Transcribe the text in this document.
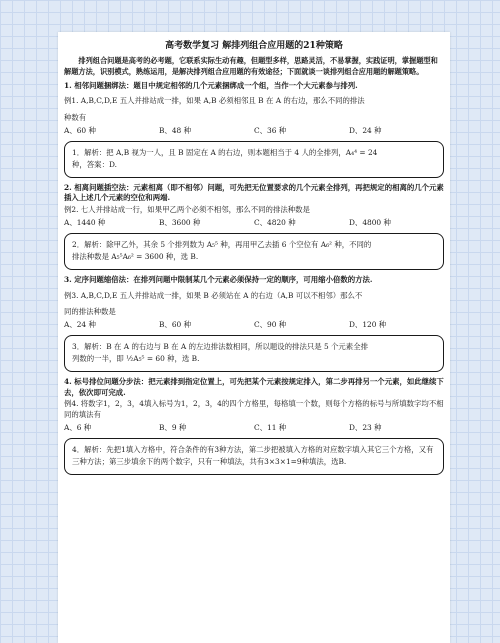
高考数学复习 解排列组合应用题的21种策略
排列组合问题是高考的必考题，它联系实际生动有趣，但题型多样，思路灵活，不易掌握，实践证明，掌握题型和解题方法，识别模式，熟练运用，是解决排列组合应用题的有效途径；下面就谈一谈排列组合应用题的解题策略。
1. 相邻问题捆绑法：题目中规定相邻的几个元素捆绑成一个组，当作一个大元素参与排列.
例1. A,B,C,D,E 五人并排站成一排，如果 A,B 必须相邻且 B 在 A 的右边，那么不同的排法
种数有
A、60 种	B、48 种	C、36 种	D、24 种
1．解析：把 A,B 视为一人，且 B 固定在 A 的右边，则本题相当于 4 人的全排列，A₄⁴ = 24
种，答案：D.
2. 相离问题插空法：元素相离（即不相邻）问题，可先把无位置要求的几个元素全排列，再把规定的相离的几个元素插入上述几个元素的空位和两端.
例2. 七人并排站成一行，如果甲乙两个必须不相邻，那么不同的排法种数是
A、1440 种	B、3600 种	C、4820 种	D、4800 种
2．解析：除甲乙外，其余 5 个排列数为 A₅⁵ 种，再用甲乙去插 6 个空位有 A₆² 种，不同的
排法种数是 A₅⁵A₆² = 3600 种，选 B.
3. 定序问题缩倍法：在排列问题中限制某几个元素必须保持一定的顺序，可用缩小倍数的方法.
例3. A,B,C,D,E 五人并排站成一排，如果 B 必须站在 A 的右边（A,B 可以不相邻）那么不
同的排法种数是
A、24 种	B、60 种	C、90 种	D、120 种
3．解析：B 在 A 的右边与 B 在 A 的左边排法数相同，所以题设的排法只是 5 个元素全排
列数的一半，即 ½A₅⁵ = 60 种，选 B.
4. 标号排位问题分步法：把元素排到指定位置上，可先把某个元素按规定排入，第二步再排另一个元素，如此继续下去，依次即可完成.
例4. 将数字1，2，3，4填入标号为1，2，3，4的四个方格里，每格填一个数，则每个方格的标号与所填数字均不相同的填法有
A、6 种	B、9 种	C、11 种	D、23 种
4．解析：先把1填入方格中，符合条件的有3种方法，第二步把被填入方格的对应数字填入其它三个方格，又有三种方法；第三步填余下的两个数字，只有一种填法，共有3×3×1=9种填法，选B.
